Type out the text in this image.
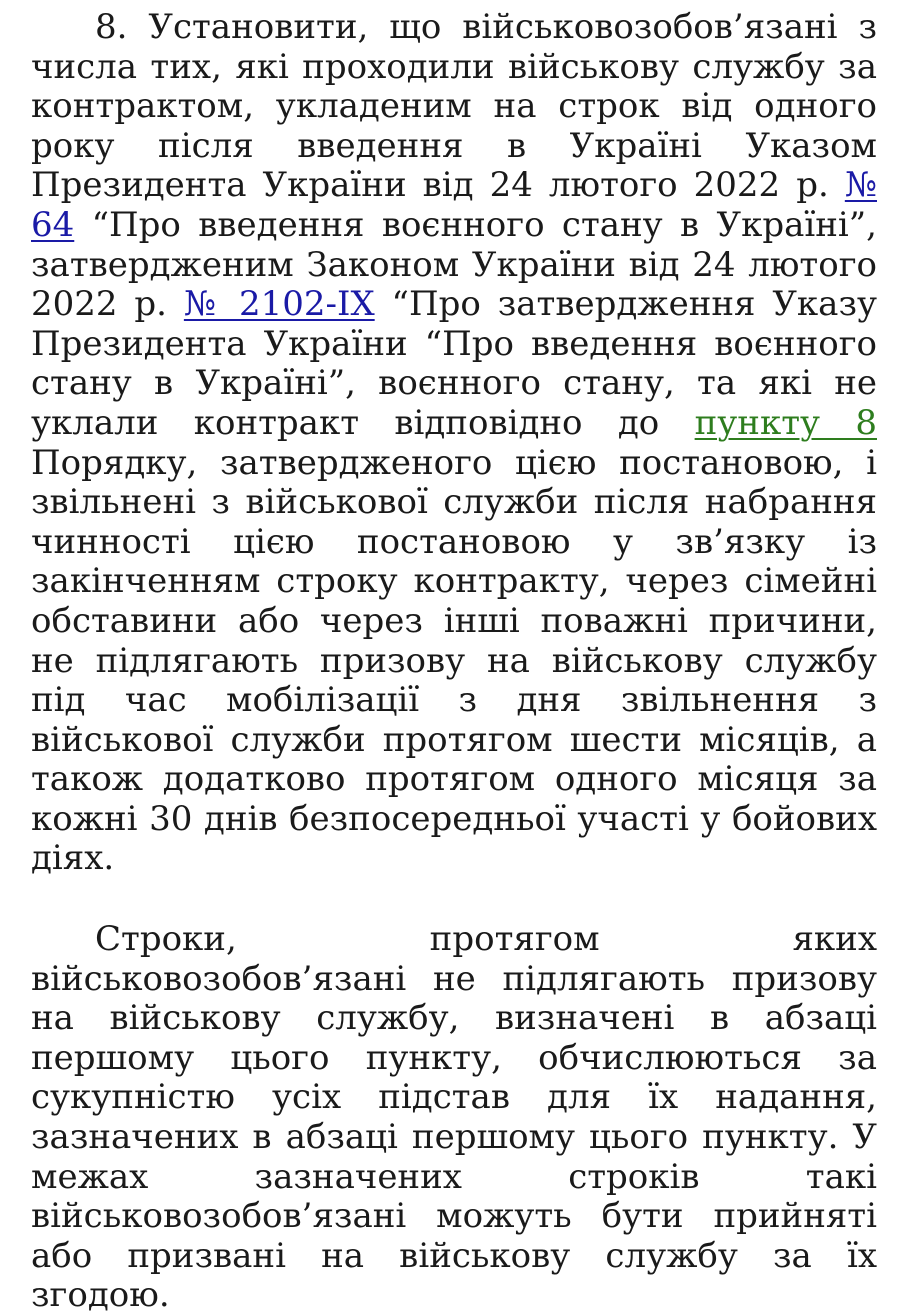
8. Установити, що військовозобов’язані з числа тих, які проходили військову службу за контрактом, укладеним на строк від одного року після введення в Україні Указом Президента України від 24 лютого 2022 р. № 64 “Про введення воєнного стану в Україні”, затвердженим Законом України від 24 лютого 2022 р. № 2102-IX “Про затвердження Указу Президента України “Про введення воєнного стану в Україні”, воєнного стану, та які не уклали контракт відповідно до пункту 8 Порядку, затвердженого цією постановою, і звільнені з військової служби після набрання чинності цією постановою у зв’язку із закінченням строку контракту, через сімейні обставини або через інші поважні причини, не підлягають призову на військову службу під час мобілізації з дня звільнення з військової служби протягом шести місяців, а також додатково протягом одного місяця за кожні 30 днів безпосередньої участі у бойових діях.

Строки, протягом яких військовозобов’язані не підлягають призову на військову службу, визначені в абзаці першому цього пункту, обчислюються за сукупністю усіх підстав для їх надання, зазначених в абзаці першому цього пункту. У межах зазначених строків такі військовозобов’язані можуть бути прийняті або призвані на військову службу за їх згодою.
